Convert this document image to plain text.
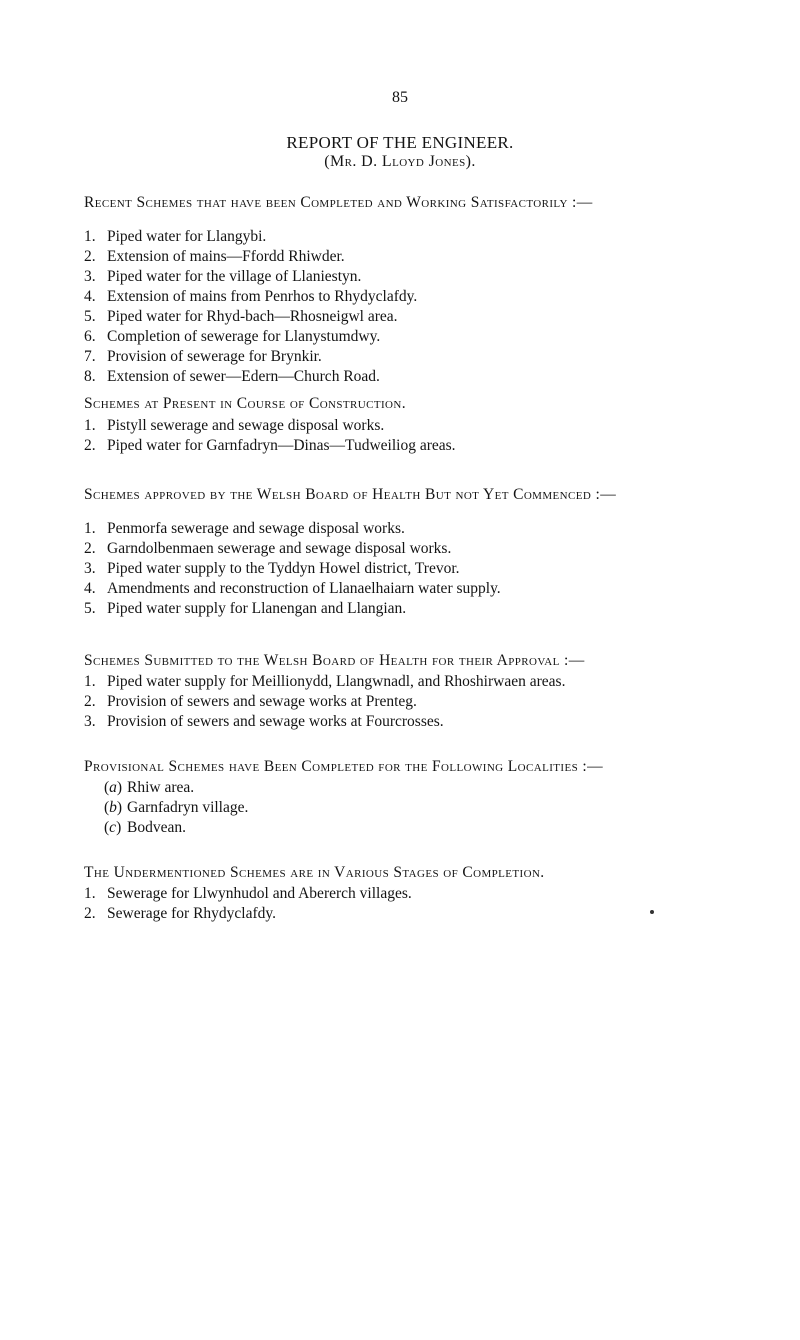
85
REPORT OF THE ENGINEER.
(Mr. D. Lloyd Jones).

Recent Schemes that have been Completed and Working Satisfactorily :—

1. Piped water for Llangybi.
2. Extension of mains—Ffordd Rhiwder.
3. Piped water for the village of Llaniestyn.
4. Extension of mains from Penrhos to Rhydyclafdy.
5. Piped water for Rhyd-bach—Rhosneigwl area.
6. Completion of sewerage for Llanystumdwy.
7. Provision of sewerage for Brynkir.
8. Extension of sewer—Edern—Church Road.

Schemes at Present in Course of Construction.

1. Pistyll sewerage and sewage disposal works.
2. Piped water for Garnfadryn—Dinas—Tudweiliog areas.

Schemes approved by the Welsh Board of Health But not Yet Commenced :—

1. Penmorfa sewerage and sewage disposal works.
2. Garndolbenmaen sewerage and sewage disposal works.
3. Piped water supply to the Tyddyn Howel district, Trevor.
4. Amendments and reconstruction of Llanaelhaiarn water supply.
5. Piped water supply for Llanengan and Llangian.

Schemes Submitted to the Welsh Board of Health for their Approval :—

1. Piped water supply for Meillionydd, Llangwnadl, and Rhoshirwaen areas.
2. Provision of sewers and sewage works at Prenteg.
3. Provision of sewers and sewage works at Fourcrosses.

Provisional Schemes have Been Completed for the Following Localities :—

(a) Rhiw area.
(b) Garnfadryn village.
(c) Bodvean.

The Undermentioned Schemes are in Various Stages of Completion.

1. Sewerage for Llwynhudol and Abererch villages.
2. Sewerage for Rhydyclafdy.
